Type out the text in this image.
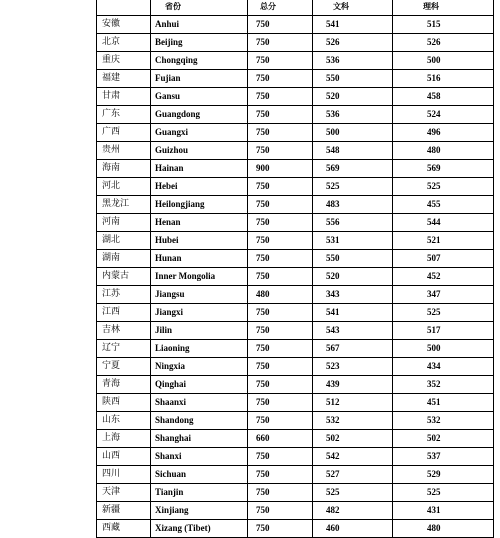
	省份	总分	文科	理科
安徽	Anhui	750	541	515
北京	Beijing	750	526	526
重庆	Chongqing	750	536	500
福建	Fujian	750	550	516
甘肃	Gansu	750	520	458
广东	Guangdong	750	536	524
广西	Guangxi	750	500	496
贵州	Guizhou	750	548	480
海南	Hainan	900	569	569
河北	Hebei	750	525	525
黑龙江	Heilongjiang	750	483	455
河南	Henan	750	556	544
湖北	Hubei	750	531	521
湖南	Hunan	750	550	507
内蒙古	Inner Mongolia	750	520	452
江苏	Jiangsu	480	343	347
江西	Jiangxi	750	541	525
吉林	Jilin	750	543	517
辽宁	Liaoning	750	567	500
宁夏	Ningxia	750	523	434
青海	Qinghai	750	439	352
陕西	Shaanxi	750	512	451
山东	Shandong	750	532	532
上海	Shanghai	660	502	502
山西	Shanxi	750	542	537
四川	Sichuan	750	527	529
天津	Tianjin	750	525	525
新疆	Xinjiang	750	482	431
西藏	Xizang (Tibet)	750	460	480
